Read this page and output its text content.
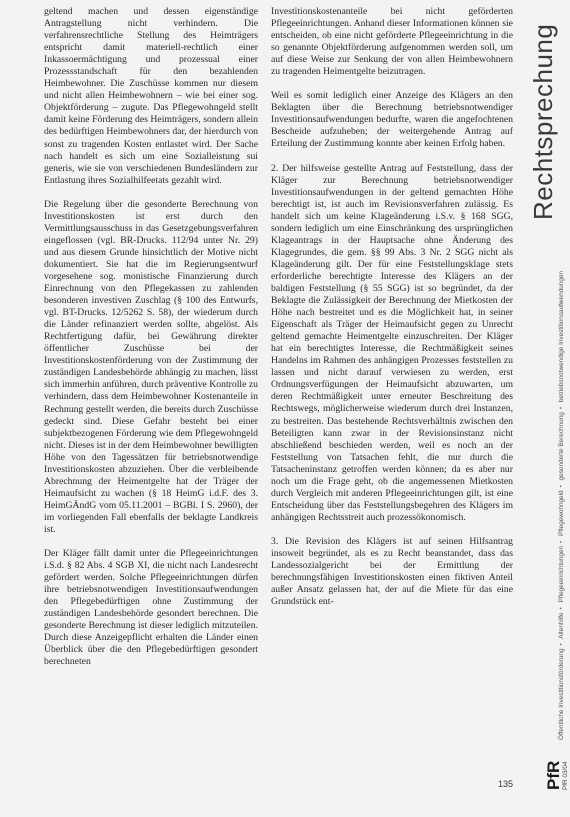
geltend machen und dessen eigenständige Antragstellung nicht verhindern. Die verfahrensrechtliche Stellung des Heimträgers entspricht damit materiell-rechtlich einer Inkassoermächtigung und prozessual einer Prozessstandschaft für den bezahlenden Heimbewohner. Die Zuschüsse kommen nur diesem und nicht allen Heimbewohnern – wie bei einer sog. Objektförderung – zugute. Das Pflegewohngeld stellt damit keine Förderung des Heimträgers, sondern allein des bedürftigen Heimbewohners dar, der hierdurch von sonst zu tragenden Kosten entlastet wird. Der Sache nach handelt es sich um eine Sozialleistung sui generis, wie sie von verschiedenen Bundesländern zur Entlastung ihres Sozialhilfeetats gezahlt wird.

Die Regelung über die gesonderte Berechnung von Investitionskosten ist erst durch den Vermittlungsausschuss in das Gesetzgebungsverfahren eingeflossen (vgl. BR-Drucks. 112/94 unter Nr. 29) und aus diesem Grunde hinsichtlich der Motive nicht dokumentiert. Sie hat die im Regierungsentwurf vorgesehene sog. monistische Finanzierung durch Einrechnung von den Pflegekassen zu zahlenden besonderen investiven Zuschlag (§ 100 des Entwurfs, vgl. BT-Drucks. 12/5262 S. 58), der wiederum durch die Länder refinanziert werden sollte, abgelöst. Als Rechtfertigung dafür, bei Gewährung direkter öffentlicher Zuschüsse bei der Investitionskostenförderung von der Zustimmung der zuständigen Landesbehörde abhängig zu machen, lässt sich immerhin anführen, durch präventive Kontrolle zu verhindern, dass dem Heimbewohner Kostenanteile in Rechnung gestellt werden, die bereits durch Zuschüsse gedeckt sind. Diese Gefahr besteht bei einer subjektbezogenen Förderung wie dem Pflegewohngeld nicht. Dieses ist in der dem Heimbewohner bewilligten Höhe von den Tagessätzen für betriebsnotwendige Investitionskosten abzuziehen. Über die verbleibende Abrechnung der Heimentgelte hat der Träger der Heimaufsicht zu wachen (§ 18 HeimG i.d.F. des 3. HeimGÄndG vom 05.11.2001 – BGBl. I S. 2960), der im vorliegenden Fall ebenfalls der beklagte Landkreis ist.

Der Kläger fällt damit unter die Pflegeeinrichtungen i.S.d. § 82 Abs. 4 SGB XI, die nicht nach Landesrecht gefördert werden. Solche Pflegeeinrichtungen dürfen ihre betriebsnotwendigen Investitionsaufwendungen den Pflegebedürftigen ohne Zustimmung der zuständigen Landesbehörde gesondert berechnen. Die gesonderte Berechnung ist dieser lediglich mitzuteilen. Durch diese Anzeigepflicht erhalten die Länder einen Überblick über die den Pflegebedürftigen gesondert berechneten

Investitionskostenanteile bei nicht geförderten Pflegeeinrichtungen. Anhand dieser Informationen können sie entscheiden, ob eine nicht geförderte Pflegeeinrichtung in die so genannte Objektförderung aufgenommen werden soll, um auf diese Weise zur Senkung der von allen Heimbewohnern zu tragenden Heimentgelte beizutragen.

Weil es somit lediglich einer Anzeige des Klägers an den Beklagten über die Berechnung betriebsnotwendiger Investitionsaufwendungen bedurfte, waren die angefochtenen Bescheide aufzuheben; der weitergehende Antrag auf Erteilung der Zustimmung konnte aber keinen Erfolg haben.

2. Der hilfsweise gestellte Antrag auf Feststellung, dass der Kläger zur Berechnung betriebsnotwendiger Investitionsaufwendungen in der geltend gemachten Höhe berechtigt ist, ist auch im Revisionsverfahren zulässig. Es handelt sich um keine Klageänderung i.S.v. § 168 SGG, sondern lediglich um eine Einschränkung des ursprünglichen Klageantrags in der Hauptsache ohne Änderung des Klagegrundes, die gem. §§ 99 Abs. 3 Nr. 2 SGG nicht als Klageänderung gilt. Der für eine Feststellungsklage stets erforderliche berechtigte Interesse des Klägers an der baldigen Feststellung (§ 55 SGG) ist so begründet, da der Beklagte die Zulässigkeit der Berechnung der Mietkosten der Höhe nach bestreitet und es die Möglichkeit hat, in seiner Eigenschaft als Träger der Heimaufsicht gegen zu Unrecht geltend gemachte Heimentgelte einzuschreiten. Der Kläger hat ein berechtigtes Interesse, die Rechtmäßigkeit seines Handelns im Rahmen des anhängigen Prozesses feststellen zu lassen und nicht darauf verwiesen zu werden, erst Ordnungsverfügungen der Heimaufsicht abzuwarten, um deren Rechtmäßigkeit unter erneuter Beschreitung des Rechtswegs, möglicherweise wiederum durch drei Instanzen, zu bestreiten. Das bestehende Rechtsverhältnis zwischen den Beteiligten kann zwar in der Revisionsinstanz nicht abschließend beschieden werden, weil es noch an der Feststellung von Tatsachen fehlt, die nur durch die Tatsacheninstanz getroffen werden können; da es aber nur noch um die Frage geht, ob die angemessenen Mietkosten durch Vergleich mit anderen Pflegeeinrichtungen gilt, ist eine Entscheidung über das Feststellungsbegehren des Klägers im anhängigen Rechtsstreit auch prozessökonomisch.

3. Die Revision des Klägers ist auf seinen Hilfsantrag insoweit begründet, als es zu Recht beanstandet, dass das Landessozialgericht bei der Ermittlung der berechnungsfähigen Investitionskosten einen fiktiven Anteil außer Ansatz gelassen hat, der auf die Miete für das eine Grundstück ent-

Rechtsprechung
Öffentliche Investitionsförderung• Altenhilfe• Pflegeeinrichtungen• Pflegewohngeld• gesonderte Berechnung• betriebsnotwendige Investitionsaufwendungen
PfR 03/04
PfR
135
